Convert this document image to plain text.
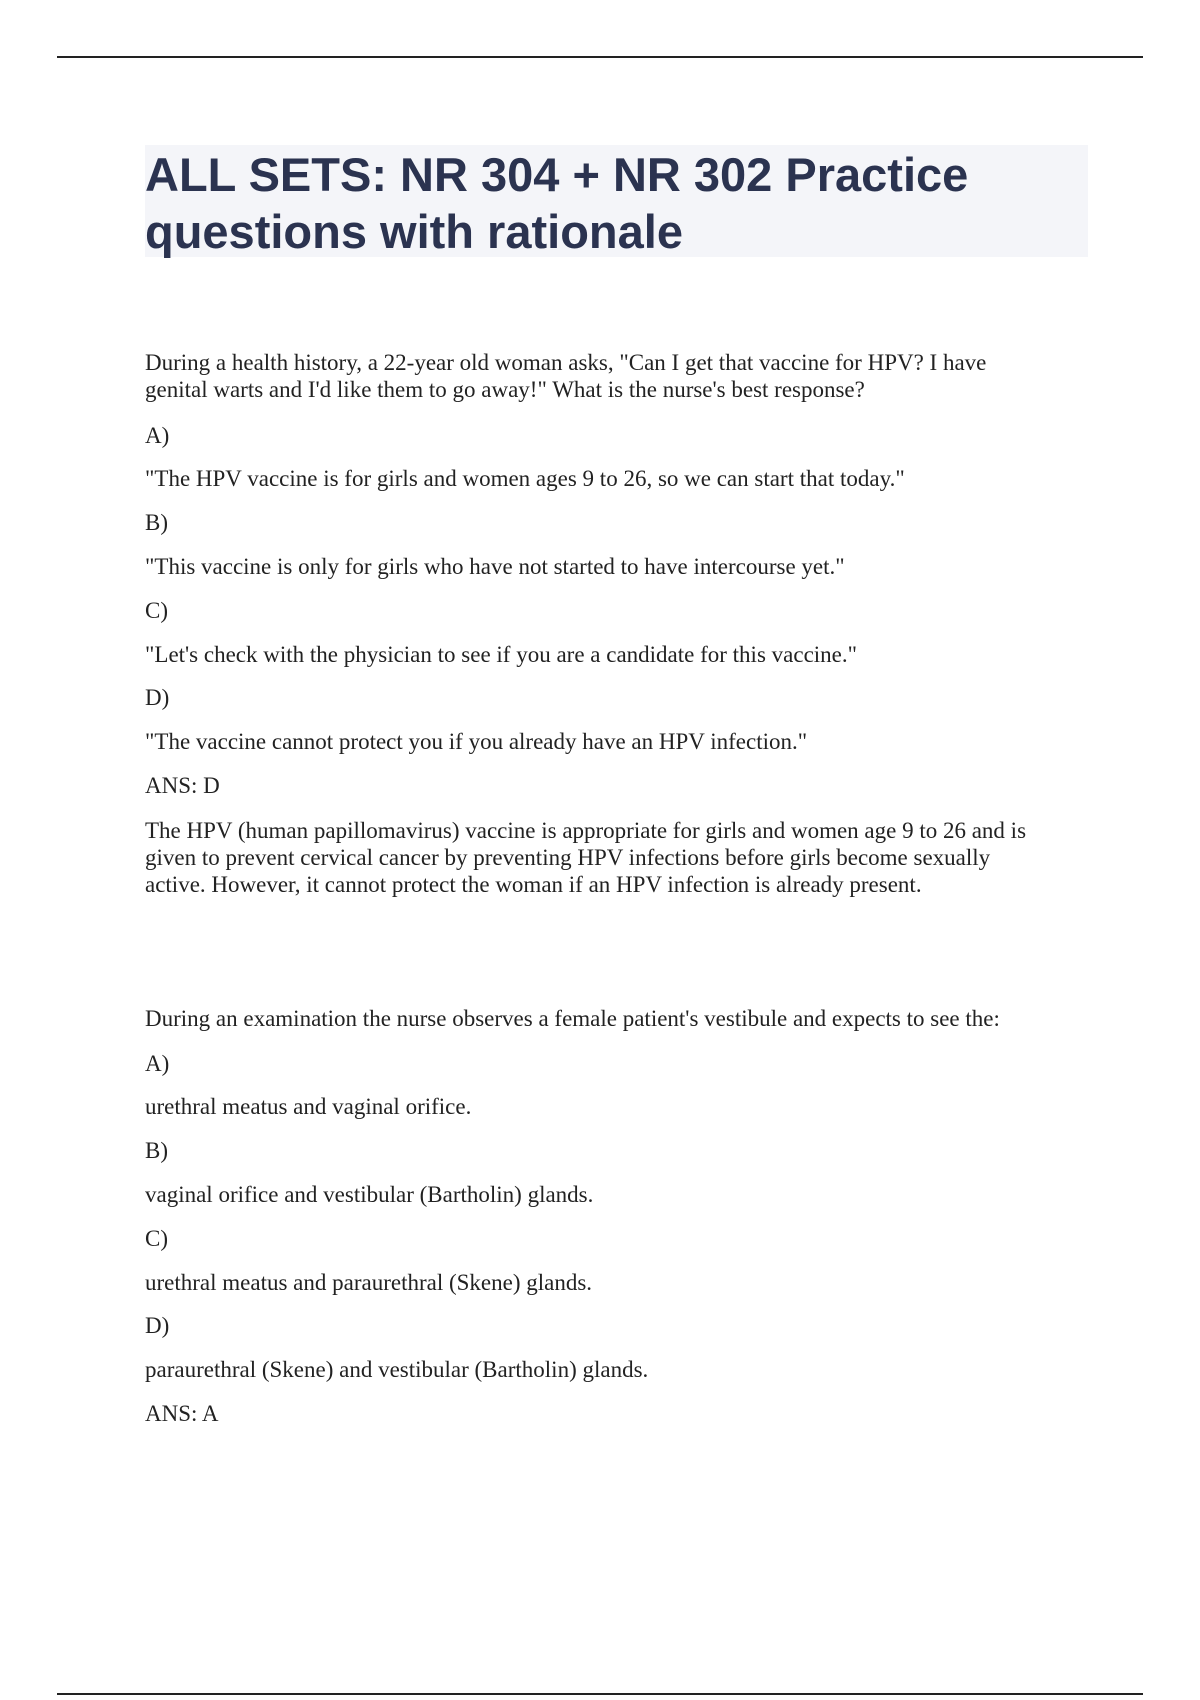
ALL SETS: NR 304 + NR 302 Practice questions with rationale

During a health history, a 22-year old woman asks, "Can I get that vaccine for HPV? I have

genital warts and I'd like them to go away!" What is the nurse's best response?

A)

"The HPV vaccine is for girls and women ages 9 to 26, so we can start that today."

B)

"This vaccine is only for girls who have not started to have intercourse yet."

C)

"Let's check with the physician to see if you are a candidate for this vaccine."

D)

"The vaccine cannot protect you if you already have an HPV infection."

ANS: D

The HPV (human papillomavirus) vaccine is appropriate for girls and women age 9 to 26 and is

given to prevent cervical cancer by preventing HPV infections before girls become sexually

active. However, it cannot protect the woman if an HPV infection is already present.

During an examination the nurse observes a female patient's vestibule and expects to see the:

A)

urethral meatus and vaginal orifice.

B)

vaginal orifice and vestibular (Bartholin) glands.

C)

urethral meatus and paraurethral (Skene) glands.

D)

paraurethral (Skene) and vestibular (Bartholin) glands.

ANS: A
